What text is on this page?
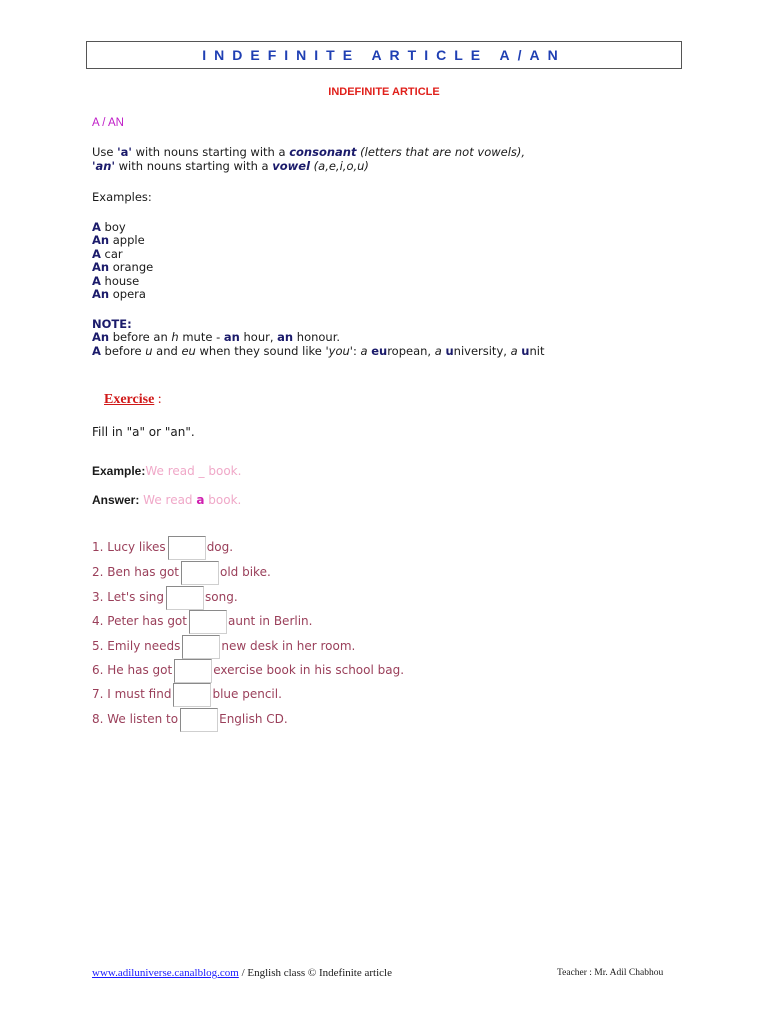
INDEFINITE ARTICLE A/AN
INDEFINITE ARTICLE
A / AN
Use 'a' with nouns starting with a consonant (letters that are not vowels),
'an' with nouns starting with a vowel (a,e,i,o,u)
Examples:
A boy
An apple
A car
An orange
A house
An opera
NOTE:
An before an h mute - an hour, an honour.
A before u and eu when they sound like 'you': a european, a university, a unit
Exercise :
Fill in "a" or "an".
Example:We read _ book.
Answer: We read a book.
1. Lucy likes	dog.
2. Ben has got	old bike.
3. Let's sing	song.
4. Peter has got	aunt in Berlin.
5. Emily needs	new desk in her room.
6. He has got	exercise book in his school bag.
7. I must find	blue pencil.
8. We listen to	English CD.
www.adiluniverse.canalblog.com / English class © Indefinite article	Teacher : Mr. Adil Chabhou
